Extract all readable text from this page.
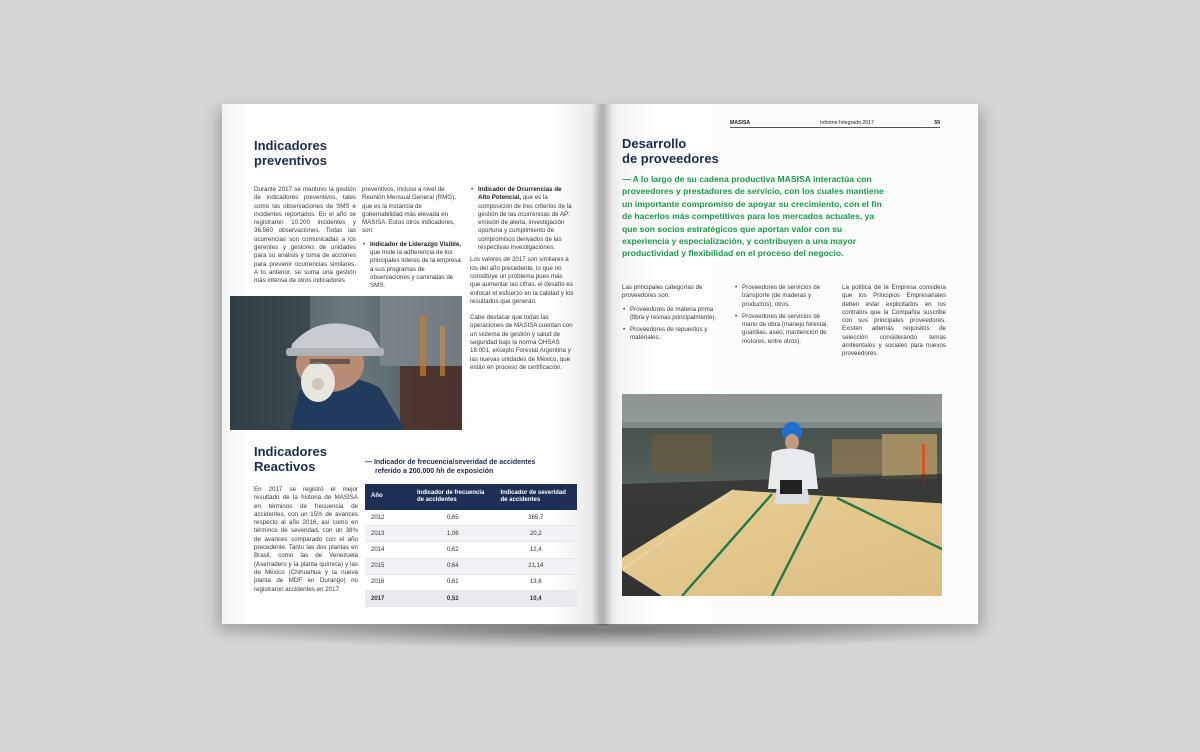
Indicadores
preventivos
Durante 2017 se mantuvo la gestión de indicadores preventivos, tales como las observaciones de SMS e incidentes reportados. En el año se registraron 10.200 incidentes y 36.560 observaciones. Todas las ocurrencias son comunicadas a los gerentes y gestores de unidades para su análisis y toma de acciones para prevenir ocurrencias similares. A lo anterior, se suma una gestión más intensa de otros indicadores
preventivos, incluso a nivel de Reunión Mensual General (RMG), que es la instancia de gobernabilidad más elevada en MASISA. Estos otros indicadores, son:
• Indicador de Liderazgo Visible, que mide la adherencia de los principales líderes de la empresa a sus programas de observaciones y caminatas de SMS.
• Indicador de Ocurrencias de Alto Potencial, que es la composición de tres criterios de la gestión de las ocurrencias de AP: emisión de alerta, investigación oportuna y cumplimiento de compromisos derivados de las respectivas investigaciones.
Los valores de 2017 son similares a los del año precedente, lo que no constituye un problema pues más que aumentar las cifras, el desafío es enfocar el esfuerzo en la calidad y los resultados que generan.
Cabe destacar que todas las operaciones de MASISA cuentan con un sistema de gestión y salud de seguridad bajo la norma OHSAS 18.001, excepto Forestal Argentina y las nuevas unidades de México, que están en proceso de certificación.
Indicadores
Reactivos
En 2017 se registró el mejor resultado de la historia de MASISA en términos de frecuencia de accidentes, con un 15% de avances respecto al año 2016, así como en términos de severidad, con un 38% de avances comparado con el año precedente. Tanto las dos plantas en Brasil, como las de Venezuela (Aserradero y la planta química) y las de México (Chihuahua y la nueva planta de MDF en Durango) no registraron accidentes en 2017.
— Indicador de frecuencia/severidad de accidentes
referido a 200.000 hh de exposición
Año	Indicador de frecuencia de accidentes	Indicador de severidad de accidentes
2012	0,65	365,7
2013	1,06	20,2
2014	0,62	12,4
2015	0,64	21,14
2016	0,61	13,6
2017	0,52	10,4
MASISA	Informe Integrado 2017	59
Desarrollo
de proveedores
— A lo largo de su cadena productiva MASISA interactúa con proveedores y prestadores de servicio, con los cuales mantiene un importante compromiso de apoyar su crecimiento, con el fin de hacerlos más competitivos para los mercados actuales, ya que son socios estratégicos que aportan valor con su experiencia y especialización, y contribuyen a una mayor productividad y flexibilidad en el proceso del negocio.
Las principales categorías de proveedores son:
• Proveedores de materia prima (fibra y resinas principalmente).
• Proveedores de repuestos y materiales.
• Proveedores de servicios de transporte (de maderas y productos), otros.
• Proveedores de servicios de mano de obra (manejo forestal, guardias, aseo, mantención de motores, entre otros).
La política de la Empresa considera que los Principios Empresariales deben estar explicitados en los contratos que la Compañía suscribe con sus principales proveedores. Existen además requisitos de selección considerando temas ambientales y sociales para nuevos proveedores.
